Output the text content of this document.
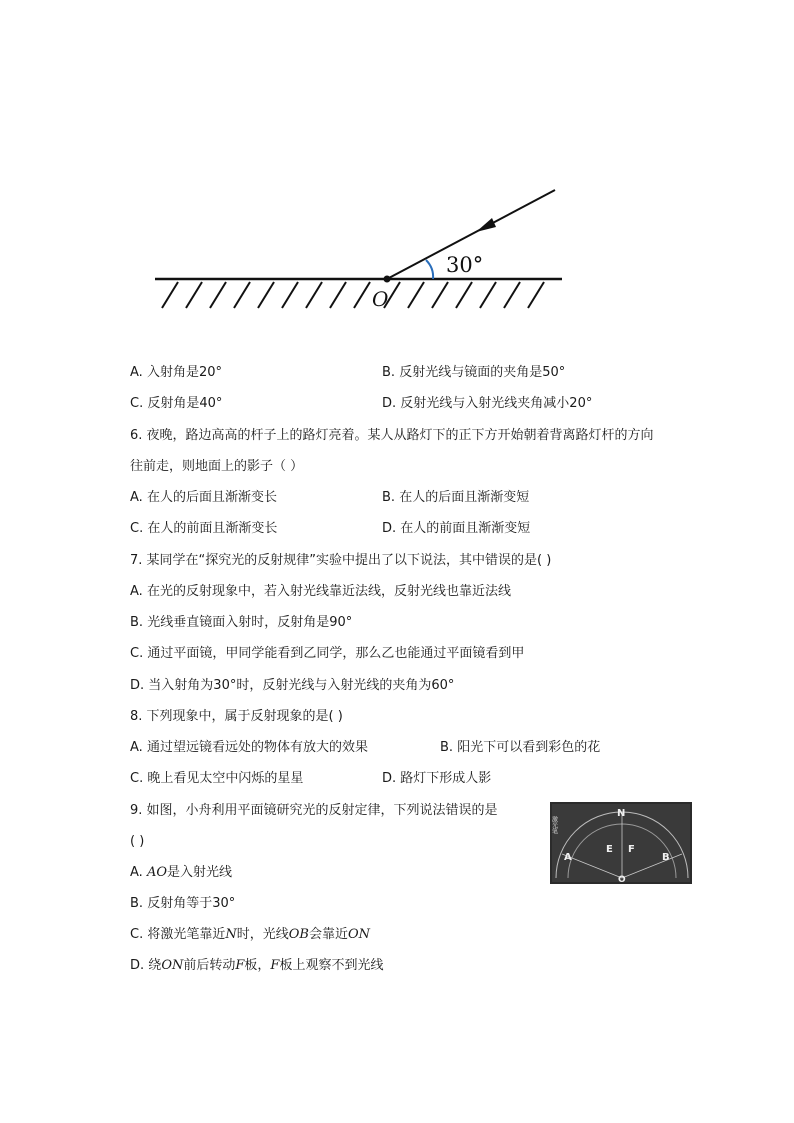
30°
O
A. 入射角是20°	B. 反射光线与镜面的夹角是50°
C. 反射角是40°	D. 反射光线与入射光线夹角减小20°
6. 夜晚，路边高高的杆子上的路灯亮着。某人从路灯下的正下方开始朝着背离路灯杆的方向
往前走，则地面上的影子（ ）
A. 在人的后面且渐渐变长	B. 在人的后面且渐渐变短
C. 在人的前面且渐渐变长	D. 在人的前面且渐渐变短
7. 某同学在“探究光的反射规律”实验中提出了以下说法，其中错误的是( )
A. 在光的反射现象中，若入射光线靠近法线，反射光线也靠近法线
B. 光线垂直镜面入射时，反射角是90°
C. 通过平面镜，甲同学能看到乙同学，那么乙也能通过平面镜看到甲
D. 当入射角为30°时，反射光线与入射光线的夹角为60°
8. 下列现象中，属于反射现象的是( )
A. 通过望远镜看远处的物体有放大的效果	B. 阳光下可以看到彩色的花
C. 晚上看见太空中闪烁的星星	D. 路灯下形成人影
9. 如图，小舟利用平面镜研究光的反射定律，下列说法错误的是
( )
A. AO是入射光线
B. 反射角等于30°
C. 将激光笔靠近N时，光线OB会靠近ON
D. 绕ON前后转动F板，F板上观察不到光线
激光笔
N
A
E F
B
O
